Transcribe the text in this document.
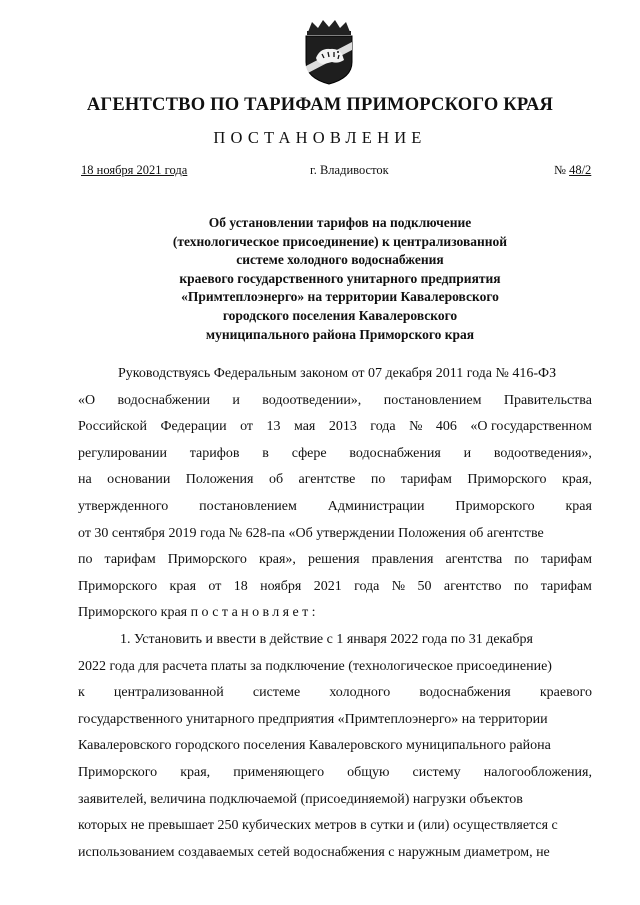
АГЕНТСТВО ПО ТАРИФАМ ПРИМОРСКОГО КРАЯ
ПОСТАНОВЛЕНИЕ
18 ноября 2021 года	г. Владивосток	№ 48/2
Об установлении тарифов на подключение
(технологическое присоединение) к централизованной
системе холодного водоснабжения
краевого государственного унитарного предприятия
«Примтеплоэнерго» на территории Кавалеровского
городского поселения Кавалеровского
муниципального района Приморского края
Руководствуясь Федеральным законом от 07 декабря 2011 года № 416-ФЗ
«О водоснабжении и водоотведении», постановлением Правительства
Российской Федерации от 13 мая 2013 года № 406 «О государственном
регулировании тарифов в сфере водоснабжения и водоотведения»,
на основании Положения об агентстве по тарифам Приморского края,
утвержденного постановлением Администрации Приморского края
от 30 сентября 2019 года № 628-па «Об утверждении Положения об агентстве
по тарифам Приморского края», решения правления агентства по тарифам
Приморского края от 18 ноября 2021 года № 50 агентство по тарифам
Приморского края постановляет:
1. Установить и ввести в действие с 1 января 2022 года по 31 декабря
2022 года для расчета платы за подключение (технологическое присоединение)
к централизованной системе холодного водоснабжения краевого
государственного унитарного предприятия «Примтеплоэнерго» на территории
Кавалеровского городского поселения Кавалеровского муниципального района
Приморского края, применяющего общую систему налогообложения,
заявителей, величина подключаемой (присоединяемой) нагрузки объектов
которых не превышает 250 кубических метров в сутки и (или) осуществляется с
использованием создаваемых сетей водоснабжения с наружным диаметром, не
